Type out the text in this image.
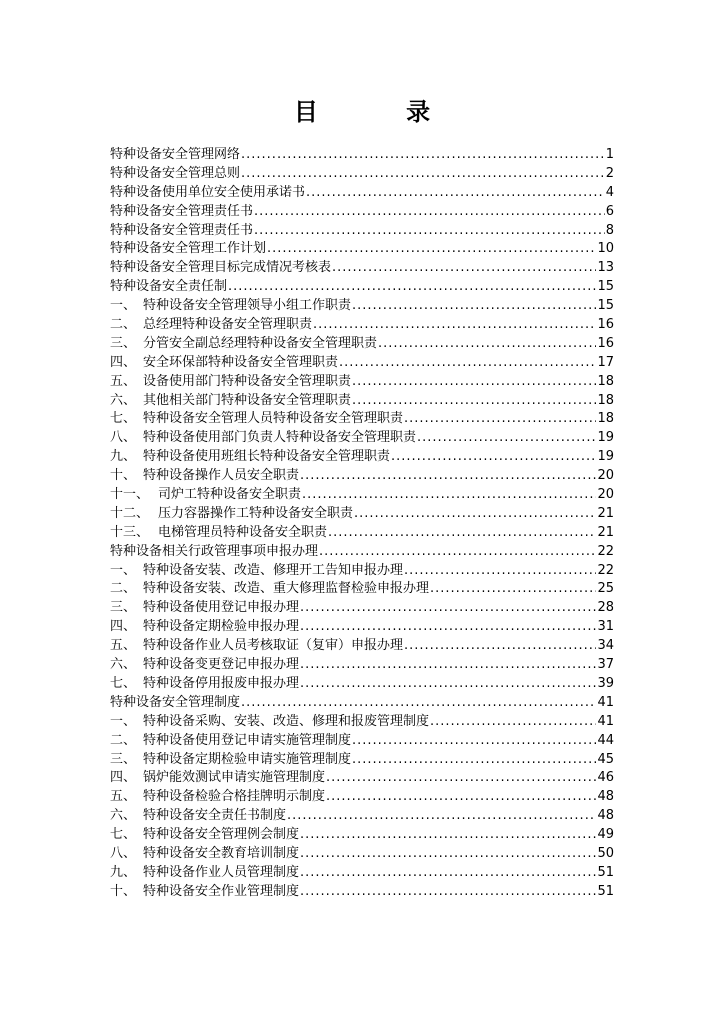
目 录
特种设备安全管理网络 .....	1
特种设备安全管理总则 .....	2
特种设备使用单位安全使用承诺书 .....	4
特种设备安全管理责任书 .....	6
特种设备安全管理责任书 .....	8
特种设备安全管理工作计划 .....	10
特种设备安全管理目标完成情况考核表 .....	13
特种设备安全责任制 .....	15
一、 特种设备安全管理领导小组工作职责 .....	15
二、 总经理特种设备安全管理职责 .....	16
三、 分管安全副总经理特种设备安全管理职责 .....	16
四、 安全环保部特种设备安全管理职责 .....	17
五、 设备使用部门特种设备安全管理职责 .....	18
六、 其他相关部门特种设备安全管理职责 .....	18
七、 特种设备安全管理人员特种设备安全管理职责 .....	18
八、 特种设备使用部门负责人特种设备安全管理职责 .....	19
九、 特种设备使用班组长特种设备安全管理职责 .....	19
十、 特种设备操作人员安全职责 .....	20
十一、 司炉工特种设备安全职责 .....	20
十二、 压力容器操作工特种设备安全职责 .....	21
十三、 电梯管理员特种设备安全职责 .....	21
特种设备相关行政管理事项申报办理 .....	22
一、 特种设备安装、改造、修理开工告知申报办理 .....	22
二、 特种设备安装、改造、重大修理监督检验申报办理 .....	25
三、 特种设备使用登记申报办理 .....	28
四、 特种设备定期检验申报办理 .....	31
五、 特种设备作业人员考核取证（复审）申报办理 .....	34
六、 特种设备变更登记申报办理 .....	37
七、 特种设备停用报废申报办理 .....	39
特种设备安全管理制度 .....	41
一、 特种设备采购、安装、改造、修理和报废管理制度 .....	41
二、 特种设备使用登记申请实施管理制度 .....	44
三、 特种设备定期检验申请实施管理制度 .....	45
四、 锅炉能效测试申请实施管理制度 .....	46
五、 特种设备检验合格挂牌明示制度 .....	48
六、 特种设备安全责任书制度 .....	48
七、 特种设备安全管理例会制度 .....	49
八、 特种设备安全教育培训制度 .....	50
九、 特种设备作业人员管理制度 .....	51
十、 特种设备安全作业管理制度 .....	51
